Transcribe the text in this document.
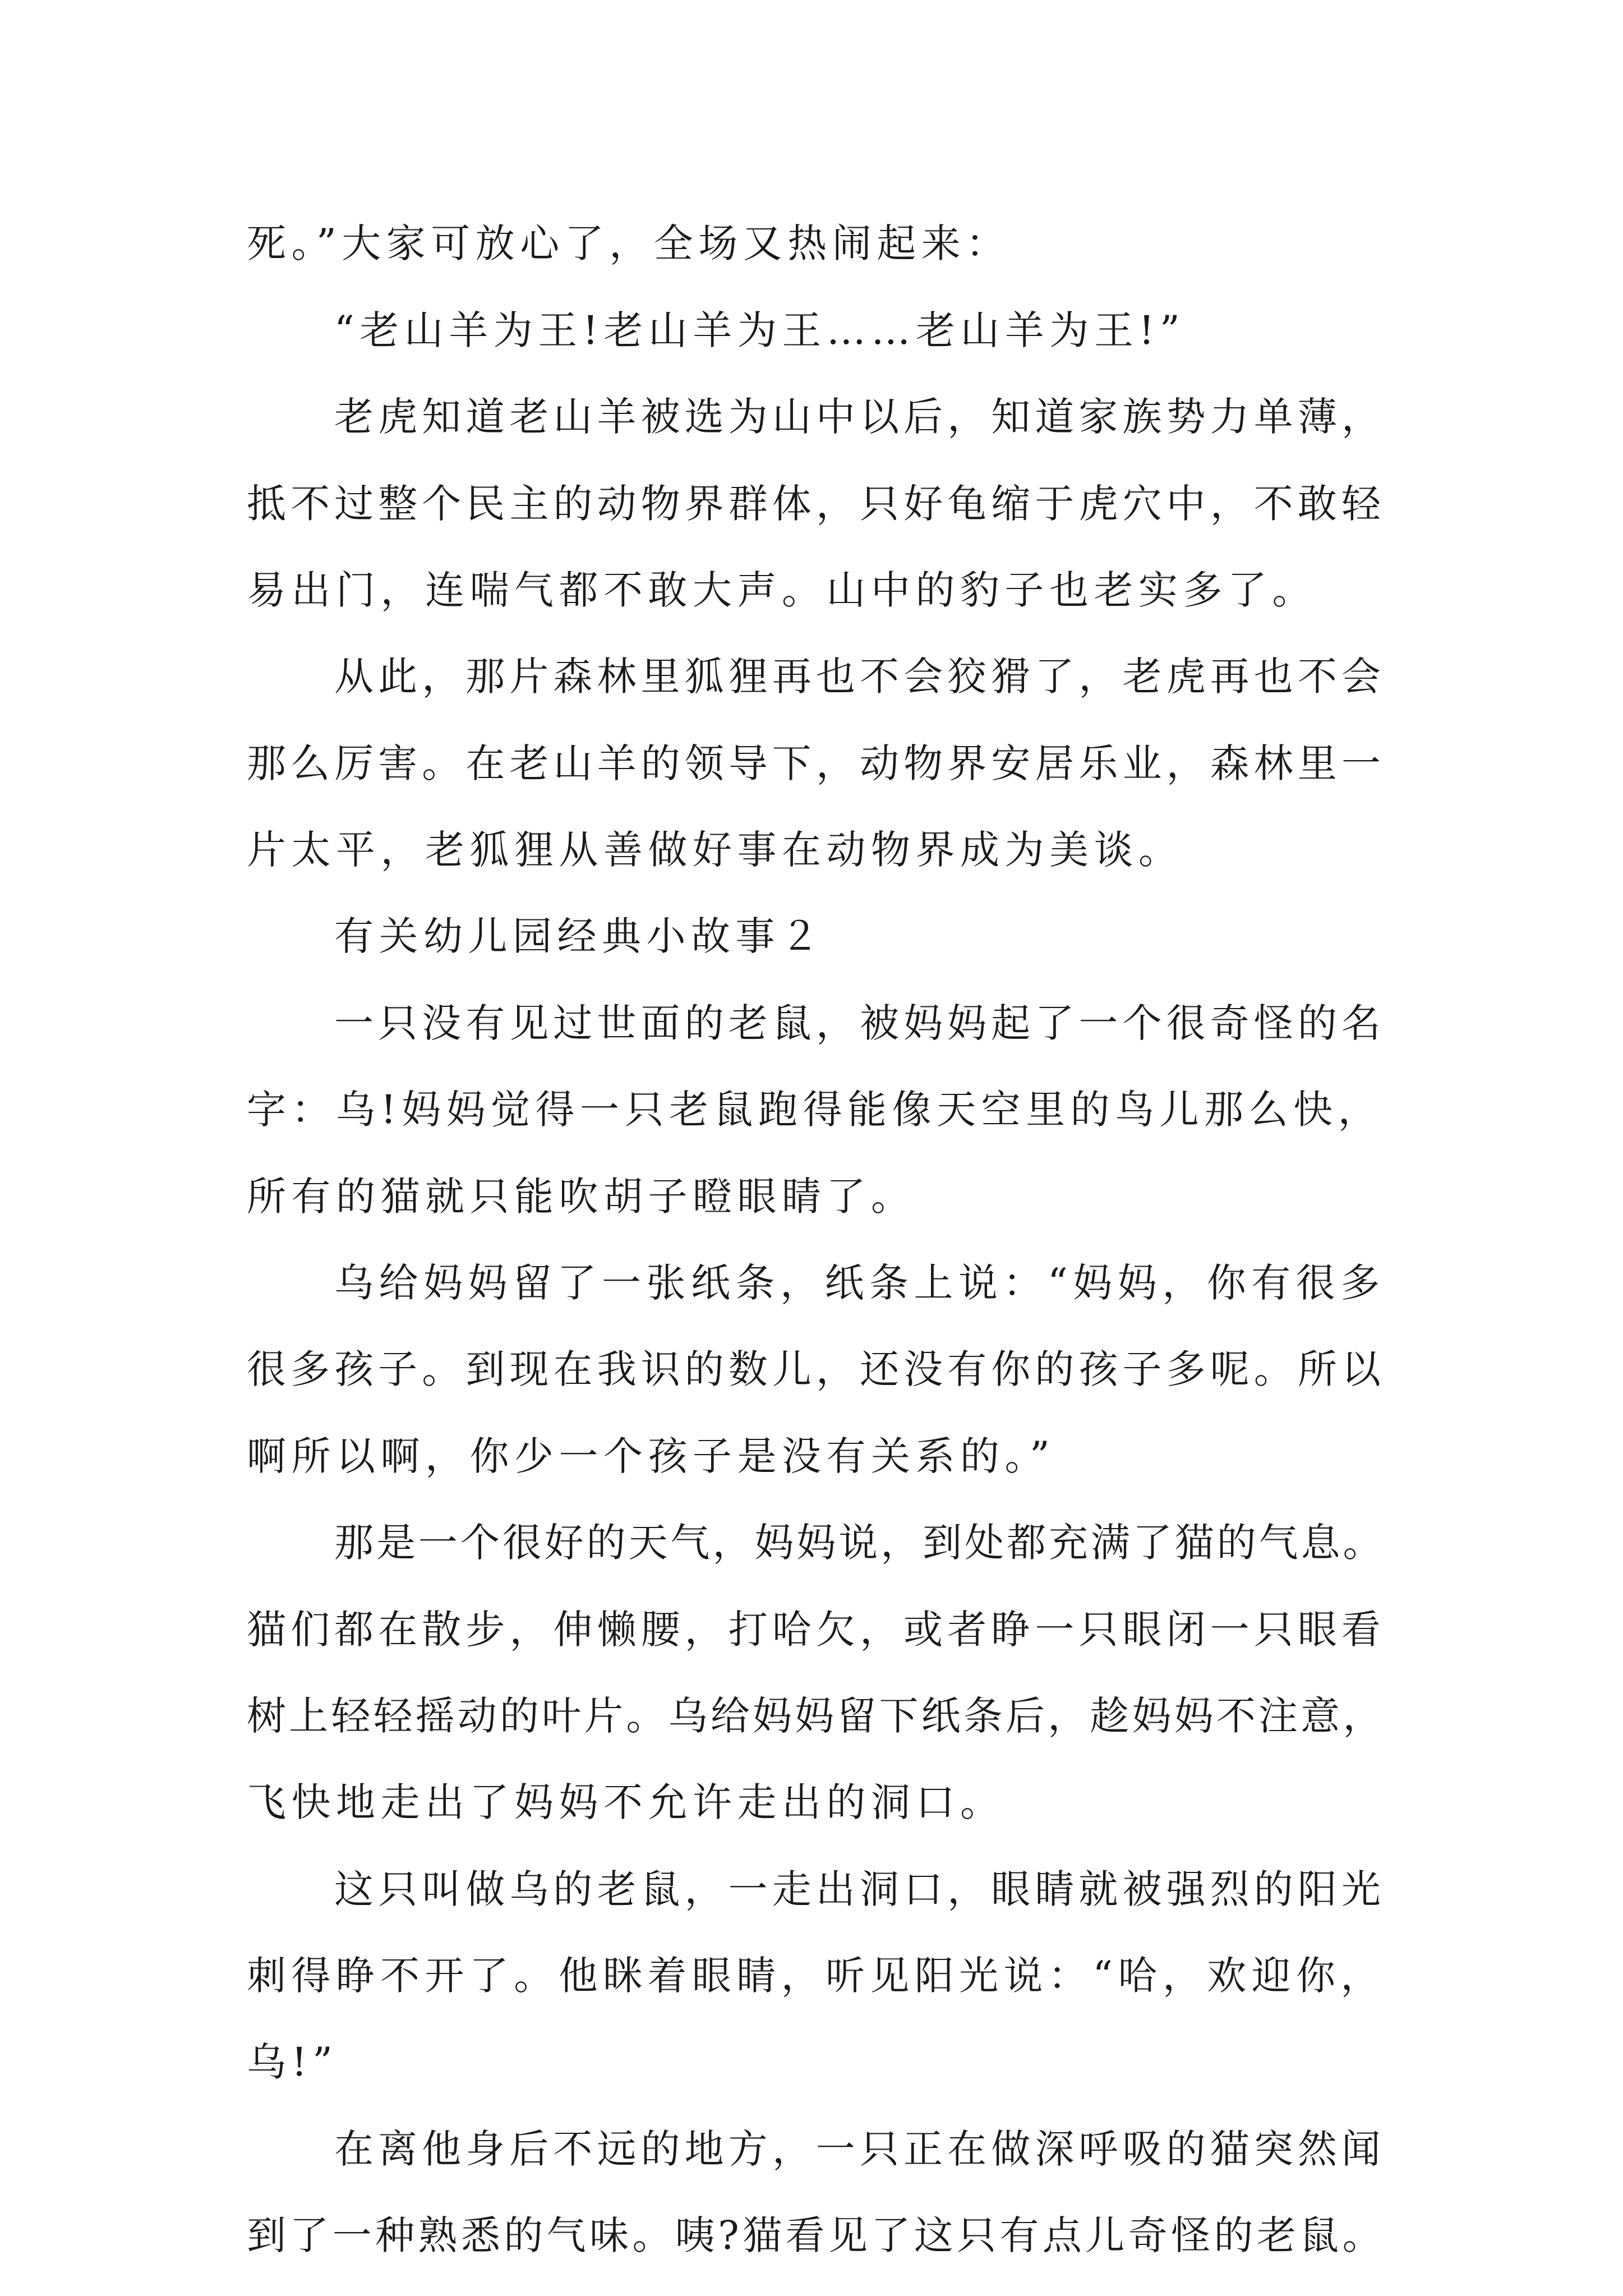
死。”大家可放心了，全场又热闹起来：
“老山羊为王!老山羊为王……老山羊为王!”
老虎知道老山羊被选为山中以后，知道家族势力单薄，
抵不过整个民主的动物界群体，只好龟缩于虎穴中，不敢轻
易出门，连喘气都不敢大声。山中的豹子也老实多了。
从此，那片森林里狐狸再也不会狡猾了，老虎再也不会
那么厉害。在老山羊的领导下，动物界安居乐业，森林里一
片太平，老狐狸从善做好事在动物界成为美谈。
有关幼儿园经典小故事２
一只没有见过世面的老鼠，被妈妈起了一个很奇怪的名
字：乌!妈妈觉得一只老鼠跑得能像天空里的鸟儿那么快，
所有的猫就只能吹胡子瞪眼睛了。
乌给妈妈留了一张纸条，纸条上说：“妈妈，你有很多
很多孩子。到现在我识的数儿，还没有你的孩子多呢。所以
啊所以啊，你少一个孩子是没有关系的。”
那是一个很好的天气，妈妈说，到处都充满了猫的气息。
猫们都在散步，伸懒腰，打哈欠，或者睁一只眼闭一只眼看
树上轻轻摇动的叶片。乌给妈妈留下纸条后，趁妈妈不注意，
飞快地走出了妈妈不允许走出的洞口。
这只叫做乌的老鼠，一走出洞口，眼睛就被强烈的阳光
刺得睁不开了。他眯着眼睛，听见阳光说：“哈，欢迎你，
乌!”
在离他身后不远的地方，一只正在做深呼吸的猫突然闻
到了一种熟悉的气味。咦?猫看见了这只有点儿奇怪的老鼠。
